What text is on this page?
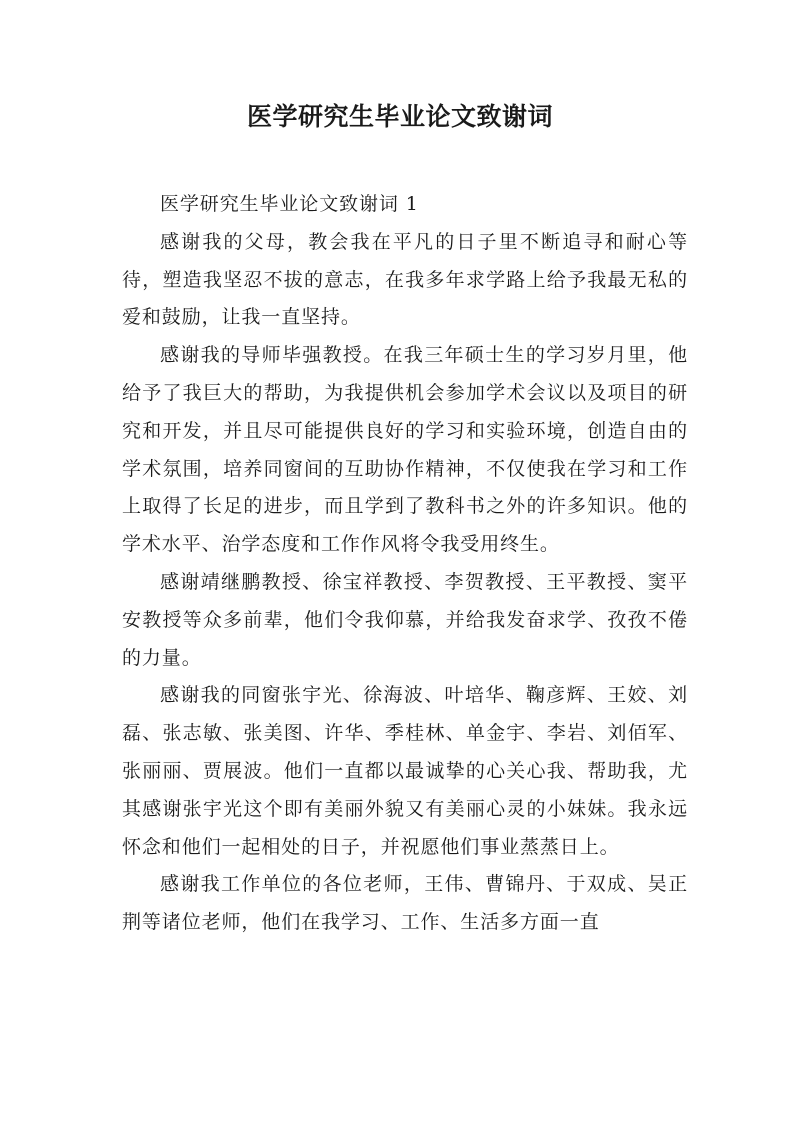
医学研究生毕业论文致谢词

医学研究生毕业论文致谢词 1

感谢我的父母，教会我在平凡的日子里不断追寻和耐心等待，塑造我坚忍不拔的意志，在我多年求学路上给予我最无私的爱和鼓励，让我一直坚持。

感谢我的导师毕强教授。在我三年硕士生的学习岁月里，他给予了我巨大的帮助，为我提供机会参加学术会议以及项目的研究和开发，并且尽可能提供良好的学习和实验环境，创造自由的学术氛围，培养同窗间的互助协作精神，不仅使我在学习和工作上取得了长足的进步，而且学到了教科书之外的许多知识。他的学术水平、治学态度和工作作风将令我受用终生。

感谢靖继鹏教授、徐宝祥教授、李贺教授、王平教授、窦平安教授等众多前辈，他们令我仰慕，并给我发奋求学、孜孜不倦的力量。

感谢我的同窗张宇光、徐海波、叶培华、鞠彦辉、王姣、刘磊、张志敏、张美图、许华、季桂林、单金宇、李岩、刘佰军、张丽丽、贾展波。他们一直都以最诚挚的心关心我、帮助我，尤其感谢张宇光这个即有美丽外貌又有美丽心灵的小妹妹。我永远怀念和他们一起相处的日子，并祝愿他们事业蒸蒸日上。

感谢我工作单位的各位老师，王伟、曹锦丹、于双成、吴正荆等诸位老师，他们在我学习、工作、生活多方面一直
